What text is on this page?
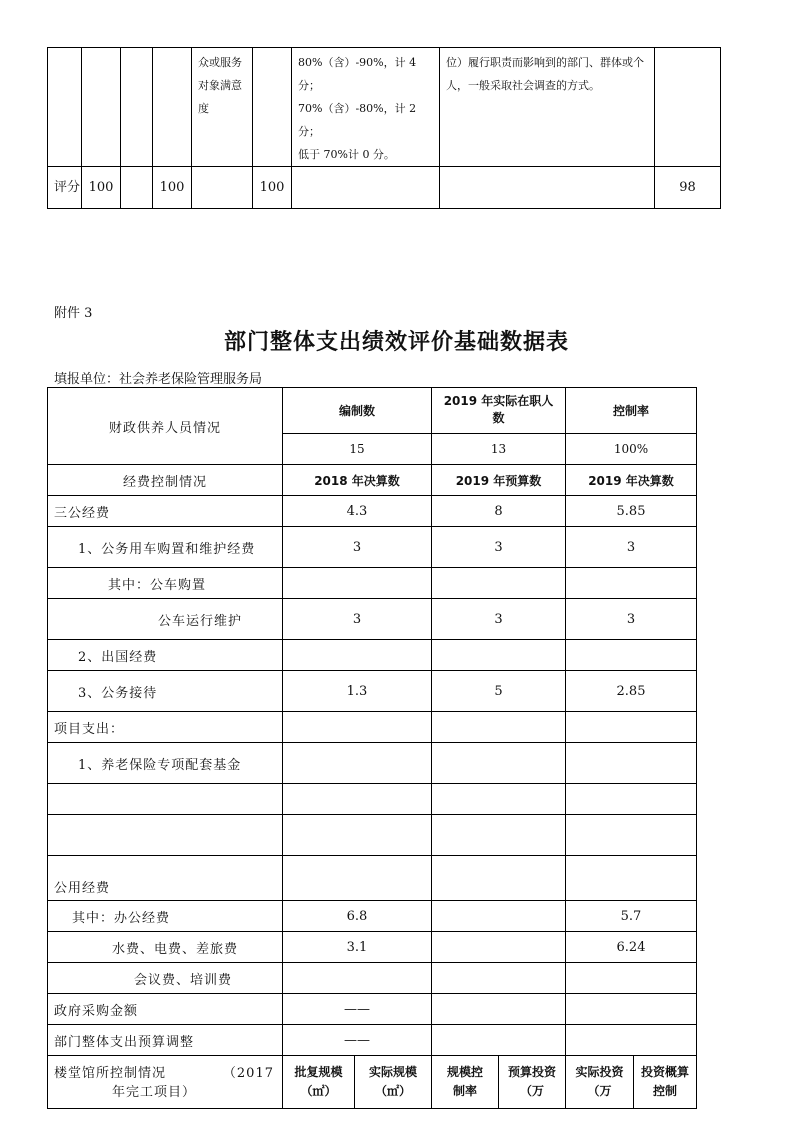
				众或服务对象满意度		80%（含）-90%，计 4分；
70%（含）-80%，计 2分；
低于 70%计 0 分。	位）履行职责而影响到的部门、群体或个人，一般采取社会调查的方式。	
评分	100		100		100			98
附件 3
部门整体支出绩效评价基础数据表
填报单位：社会养老保险管理服务局
财政供养人员情况	编制数		2019 年实际在职人数		控制率	
	15		13		100%	
经费控制情况	2018 年决算数		2019 年预算数		2019 年决算数	
三公经费	4.3		8		5.85	
1、公务用车购置和维护经费	3		3		3	
其中：公车购置						
公车运行维护	3		3		3	
2、出国经费						
3、公务接待	1.3		5		2.85	
项目支出：						
1、养老保险专项配套基金						

公用经费						
其中：办公经费	6.8				5.7	
水费、电费、差旅费	3.1				6.24	
会议费、培训费						
政府采购金额	——					
部门整体支出预算调整	——					

楼堂馆所控制情况 （2017
年完工项目）	批复规模（㎡）	实际规模（㎡）	规模控制率	预算投资（万	实际投资（万	投资概算控制
